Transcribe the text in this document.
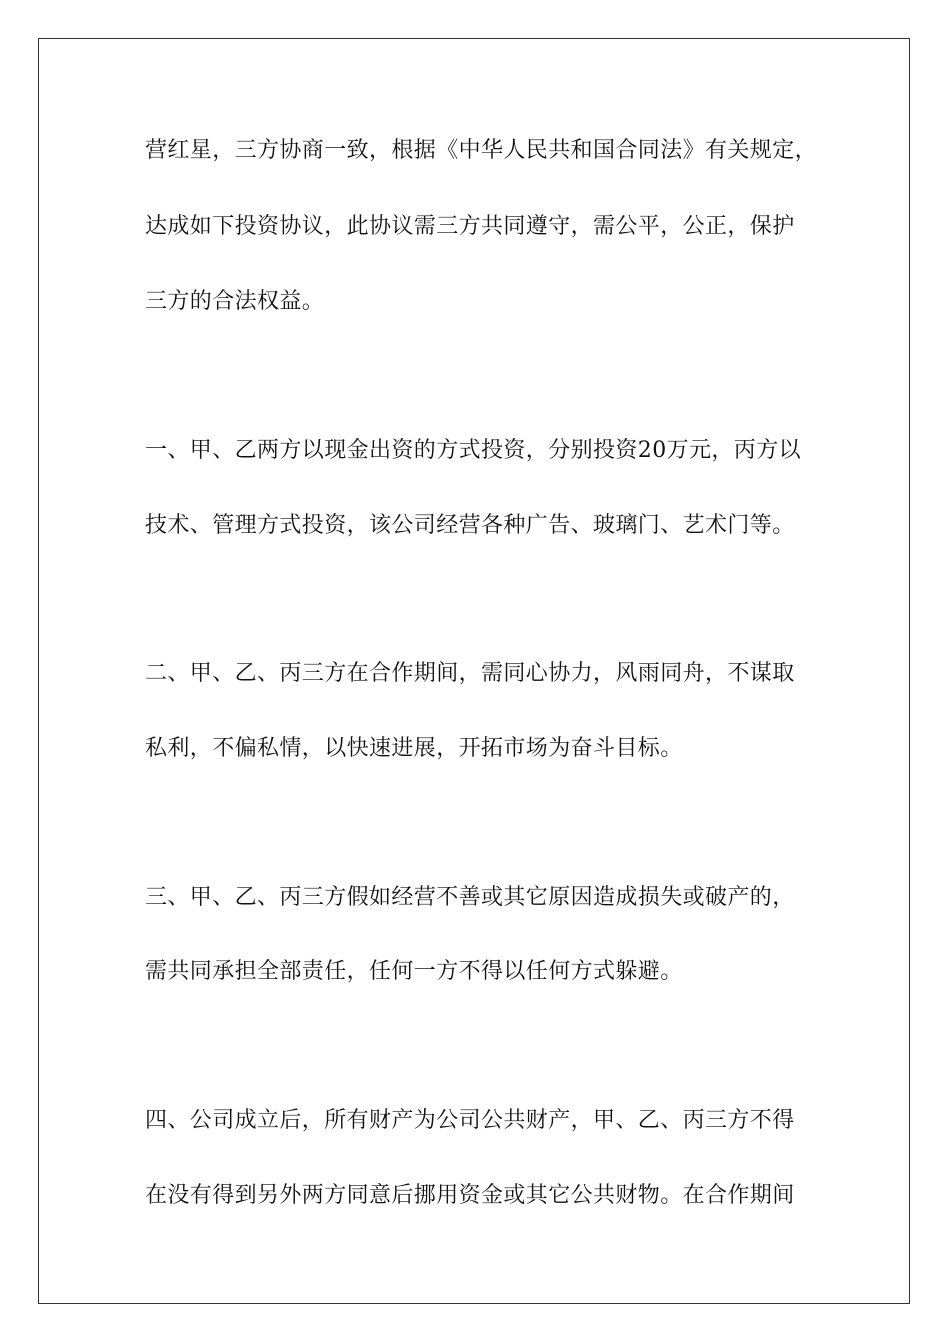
营红星，三方协商一致，根据《中华人民共和国合同法》有关规定，
达成如下投资协议，此协议需三方共同遵守，需公平，公正，保护
三方的合法权益。
一、甲、乙两方以现金出资的方式投资，分别投资20万元，丙方以
技术、管理方式投资，该公司经营各种广告、玻璃门、艺术门等。
二、甲、乙、丙三方在合作期间，需同心协力，风雨同舟，不谋取
私利，不偏私情，以快速进展，开拓市场为奋斗目标。
三、甲、乙、丙三方假如经营不善或其它原因造成损失或破产的，
需共同承担全部责任，任何一方不得以任何方式躲避。
四、公司成立后，所有财产为公司公共财产，甲、乙、丙三方不得
在没有得到另外两方同意后挪用资金或其它公共财物。在合作期间
